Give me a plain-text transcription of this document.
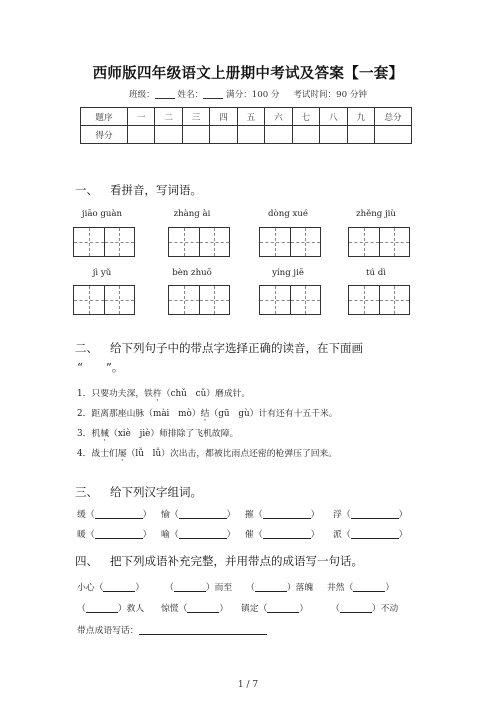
西师版四年级语文上册期中考试及答案【一套】
班级：	姓名：	满分：100 分 考试时间：90 分钟
题序	一	二	三	四	五	六	七	八	九	总分
得分										
一、 看拼音，写词语。
jiāo guàn	zhàng ài	dòng xué	zhěng jiù
jì yǔ	bèn zhuō	yíng jiē	tú dì
二、 给下列句子中的带点字选择正确的读音，在下面画
“　　”。
1．只要功夫深，铁杵（chǔ　cǔ）磨成针。
2．距离那座山脉（mài　mò）结（gū　gù）计有还有十五千米。
3．机械（xiè　jiè）师排除了飞机故障。
4．战士们屡（lǚ　lǚ）次出击，都被比雨点还密的枪弹压了回来。
三、 给下列汉字组词。
缓（	） 愉（	） 摧（	） 浮（	）
暖（	） 喻（	） 催（	） 派（	）
四、 把下列成语补充完整，并用带点的成语写一句话。
小心（	） （	）而至 （	）落魄 井然（	）
（	）救人 惊慌（	） 镇定（	）	（	）不动
带点成语写话：
1 / 7
